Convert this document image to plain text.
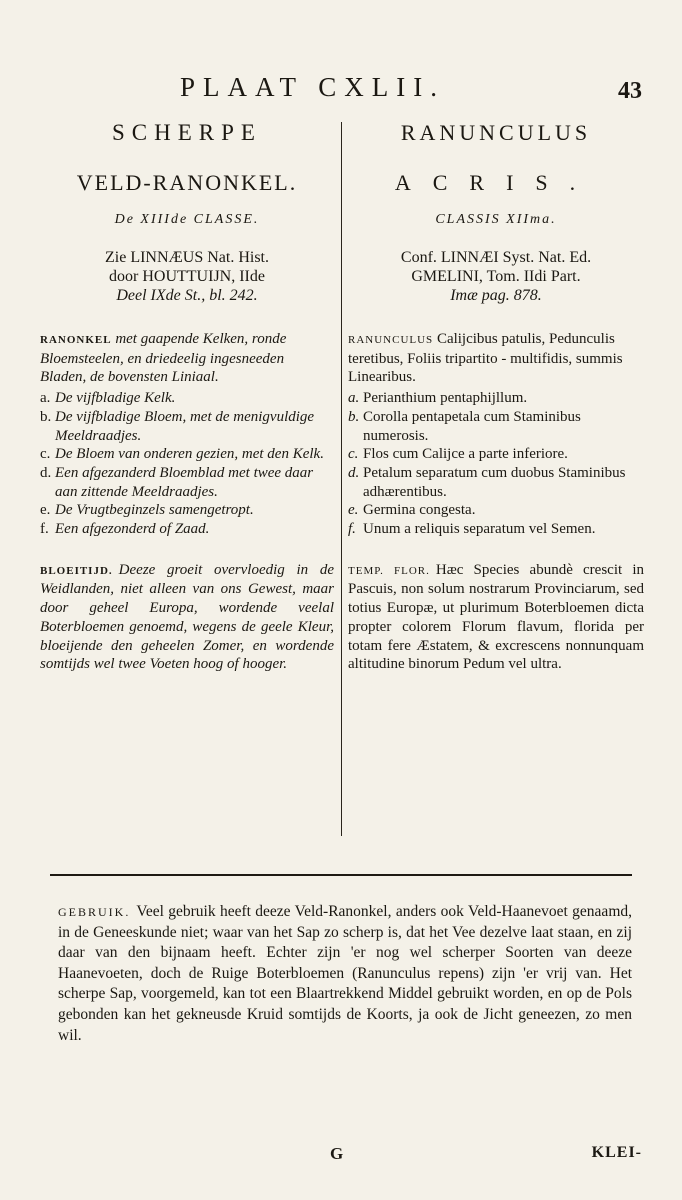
PLAAT CXLII.	43
SCHERPE
VELD-RANONKEL.
De XIIIde CLASSE.
Zie LINNÆUS Nat. Hist.
door HOUTTUIJN, IIde
Deel IXde St., bl. 242.
RANONKEL met gaapende Kelken, ronde Bloemsteelen, en driedeelig ingesneeden Bladen, de bovensten Liniaal.
a. De vijfbladige Kelk.
b. De vijfbladige Bloem, met de menigvuldige Meeldraadjes.
c. De Bloem van onderen gezien, met den Kelk.
d. Een afgezanderd Bloemblad met twee daar aan zittende Meeldraadjes.
e. De Vrugtbeginzels samengetropt.
f. Een afgezonderd of Zaad.
BLOEITIJD. Deeze groeit overvloedig in de Weidlanden, niet alleen van ons Gewest, maar door geheel Europa, wordende veelal Boterbloemen genoemd, wegens de geele Kleur, bloeijende den geheelen Zomer, en wordende somtijds wel twee Voeten hoog of hooger.
RANUNCULUS
ACRIS.
CLASSIS XIIma.
Conf. LINNÆI Syst. Nat. Ed.
GMELINI, Tom. IIdi Part.
Imæ pag. 878.
RANUNCULUS Calijcibus patulis, Pedunculis teretibus, Foliis tripartito - multifidis, summis Linearibus.
a. Perianthium pentaphijllum.
b. Corolla pentapetala cum Staminibus numerosis.
c. Flos cum Calijce a parte inferiore.
d. Petalum separatum cum duobus Staminibus adhærentibus.
e. Germina congesta.
f. Unum a reliquis separatum vel Semen.
TEMP. FLOR. Hæc Species abundè crescit in Pascuis, non solum nostrarum Provinciarum, sed totius Europæ, ut plurimum Boterbloemen dicta propter colorem Florum flavum, florida per totam fere Æstatem, & excrescens nonnunquam altitudine binorum Pedum vel ultra.
GEBRUIK. Veel gebruik heeft deeze Veld-Ranonkel, anders ook Veld-Haanevoet genaamd, in de Geneeskunde niet; waar van het Sap zo scherp is, dat het Vee dezelve laat staan, en zij daar van den bijnaam heeft. Echter zijn 'er nog wel scherper Soorten van deeze Haanevoeten, doch de Ruige Boterbloemen (Ranunculus repens) zijn 'er vrij van. Het scherpe Sap, voorgemeld, kan tot een Blaartrekkend Middel gebruikt worden, en op de Pols gebonden kan het gekneusde Kruid somtijds de Koorts, ja ook de Jicht geneezen, zo men wil.
G	KLEI-
